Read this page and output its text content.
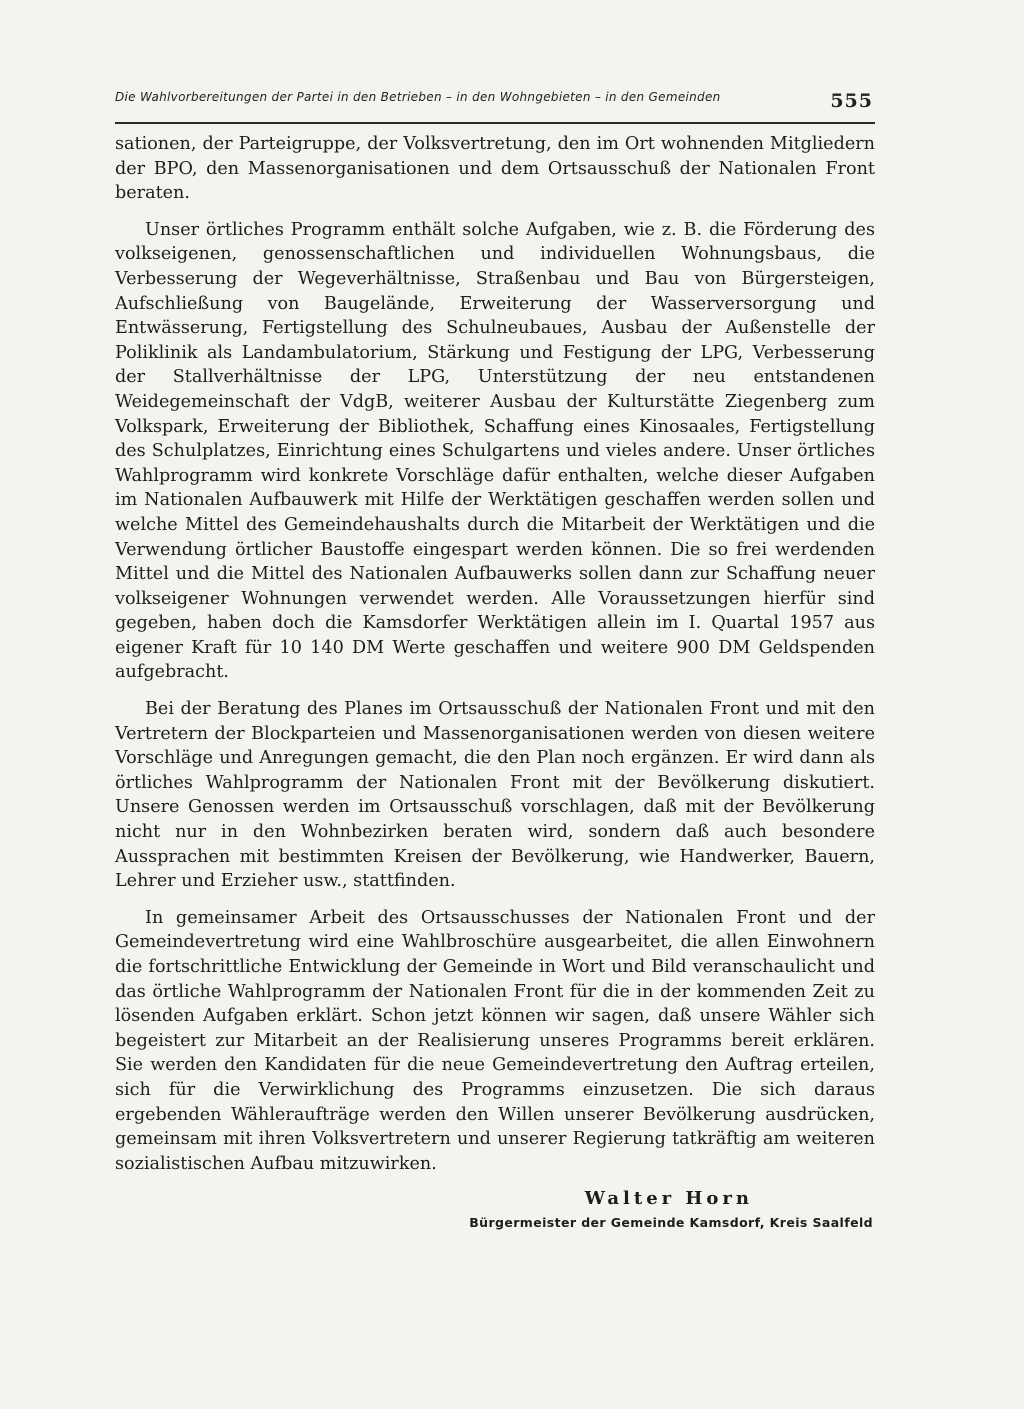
Die Wahlvorbereitungen der Partei in den Betrieben – in den Wohngebieten – in den Gemeinden	555

sationen, der Parteigruppe, der Volksvertretung, den im Ort wohnenden Mitgliedern der BPO, den Massenorganisationen und dem Ortsausschuß der Nationalen Front beraten.

Unser örtliches Programm enthält solche Aufgaben, wie z. B. die Förderung des volkseigenen, genossenschaftlichen und individuellen Wohnungsbaus, die Verbesserung der Wegeverhältnisse, Straßenbau und Bau von Bürgersteigen, Aufschließung von Baugelände, Erweiterung der Wasserversorgung und Entwässerung, Fertigstellung des Schulneubaues, Ausbau der Außenstelle der Poliklinik als Landambulatorium, Stärkung und Festigung der LPG, Verbesserung der Stallverhältnisse der LPG, Unterstützung der neu entstandenen Weidegemeinschaft der VdgB, weiterer Ausbau der Kulturstätte Ziegenberg zum Volkspark, Erweiterung der Bibliothek, Schaffung eines Kinosaales, Fertigstellung des Schulplatzes, Einrichtung eines Schulgartens und vieles andere. Unser örtliches Wahlprogramm wird konkrete Vorschläge dafür enthalten, welche dieser Aufgaben im Nationalen Aufbauwerk mit Hilfe der Werktätigen geschaffen werden sollen und welche Mittel des Gemeindehaushalts durch die Mitarbeit der Werktätigen und die Verwendung örtlicher Baustoffe eingespart werden können. Die so frei werdenden Mittel und die Mittel des Nationalen Aufbauwerks sollen dann zur Schaffung neuer volkseigener Wohnungen verwendet werden. Alle Voraussetzungen hierfür sind gegeben, haben doch die Kamsdorfer Werktätigen allein im I. Quartal 1957 aus eigener Kraft für 10 140 DM Werte geschaffen und weitere 900 DM Geldspenden aufgebracht.

Bei der Beratung des Planes im Ortsausschuß der Nationalen Front und mit den Vertretern der Blockparteien und Massenorganisationen werden von diesen weitere Vorschläge und Anregungen gemacht, die den Plan noch ergänzen. Er wird dann als örtliches Wahlprogramm der Nationalen Front mit der Bevölkerung diskutiert. Unsere Genossen werden im Ortsausschuß vorschlagen, daß mit der Bevölkerung nicht nur in den Wohnbezirken beraten wird, sondern daß auch besondere Aussprachen mit bestimmten Kreisen der Bevölkerung, wie Handwerker, Bauern, Lehrer und Erzieher usw., stattfinden.

In gemeinsamer Arbeit des Ortsausschusses der Nationalen Front und der Gemeindevertretung wird eine Wahlbroschüre ausgearbeitet, die allen Einwohnern die fortschrittliche Entwicklung der Gemeinde in Wort und Bild veranschaulicht und das örtliche Wahlprogramm der Nationalen Front für die in der kommenden Zeit zu lösenden Aufgaben erklärt. Schon jetzt können wir sagen, daß unsere Wähler sich begeistert zur Mitarbeit an der Realisierung unseres Programms bereit erklären. Sie werden den Kandidaten für die neue Gemeindevertretung den Auftrag erteilen, sich für die Verwirklichung des Programms einzusetzen. Die sich daraus ergebenden Wähleraufträge werden den Willen unserer Bevölkerung ausdrücken, gemeinsam mit ihren Volksvertretern und unserer Regierung tatkräftig am weiteren sozialistischen Aufbau mitzuwirken.

Walter Horn
Bürgermeister der Gemeinde Kamsdorf, Kreis Saalfeld
